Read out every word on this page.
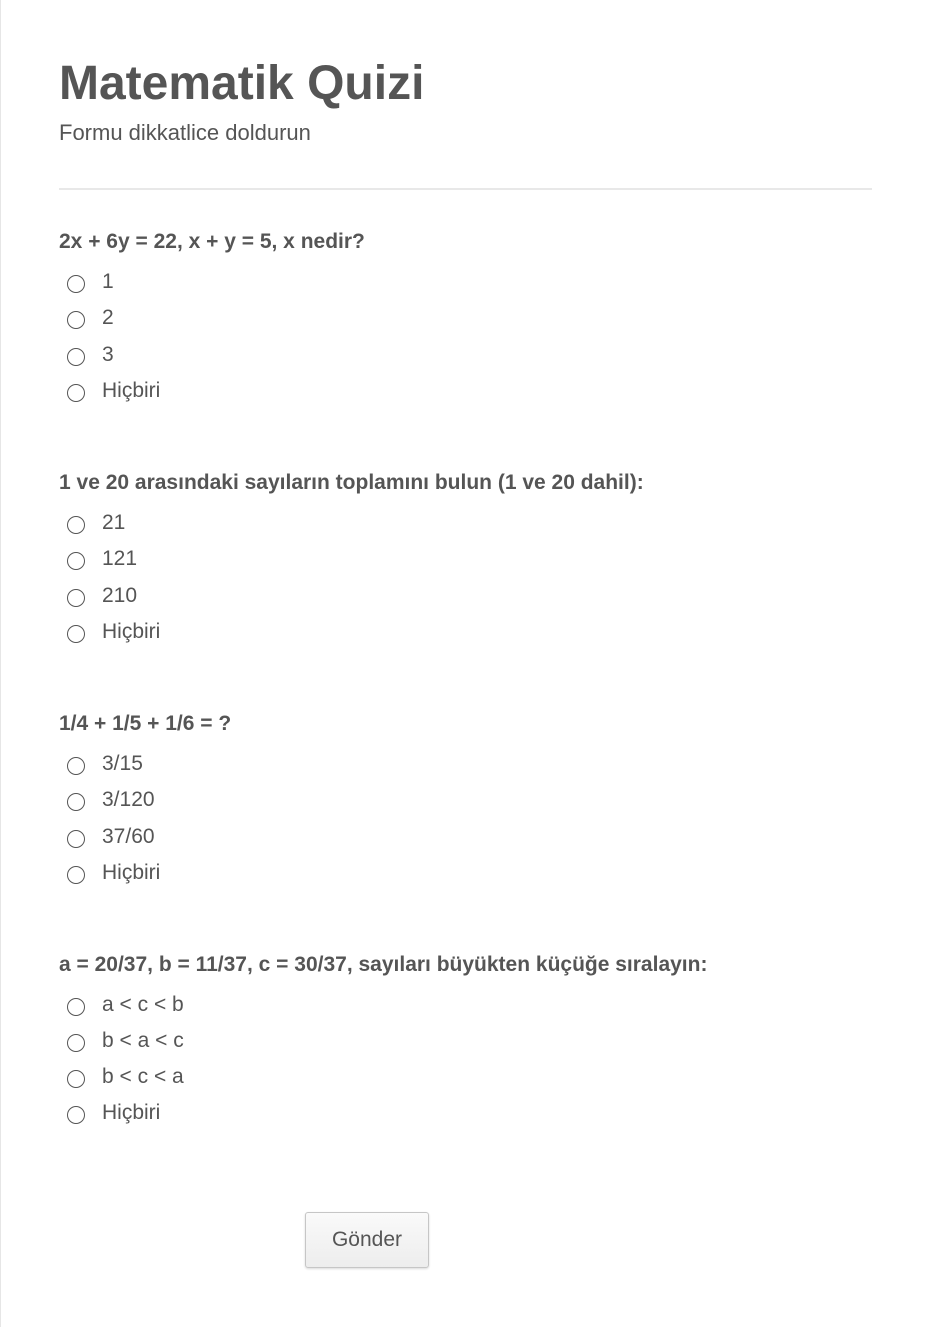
Matematik Quizi
Formu dikkatlice doldurun
2x + 6y = 22, x + y = 5, x nedir?
1
2
3
Hiçbiri
1 ve 20 arasındaki sayıların toplamını bulun (1 ve 20 dahil):
21
121
210
Hiçbiri
1/4 + 1/5 + 1/6 = ?
3/15
3/120
37/60
Hiçbiri
a = 20/37, b = 11/37, c = 30/37, sayıları büyükten küçüğe sıralayın:
a < c < b
b < a < c
b < c < a
Hiçbiri
Gönder
